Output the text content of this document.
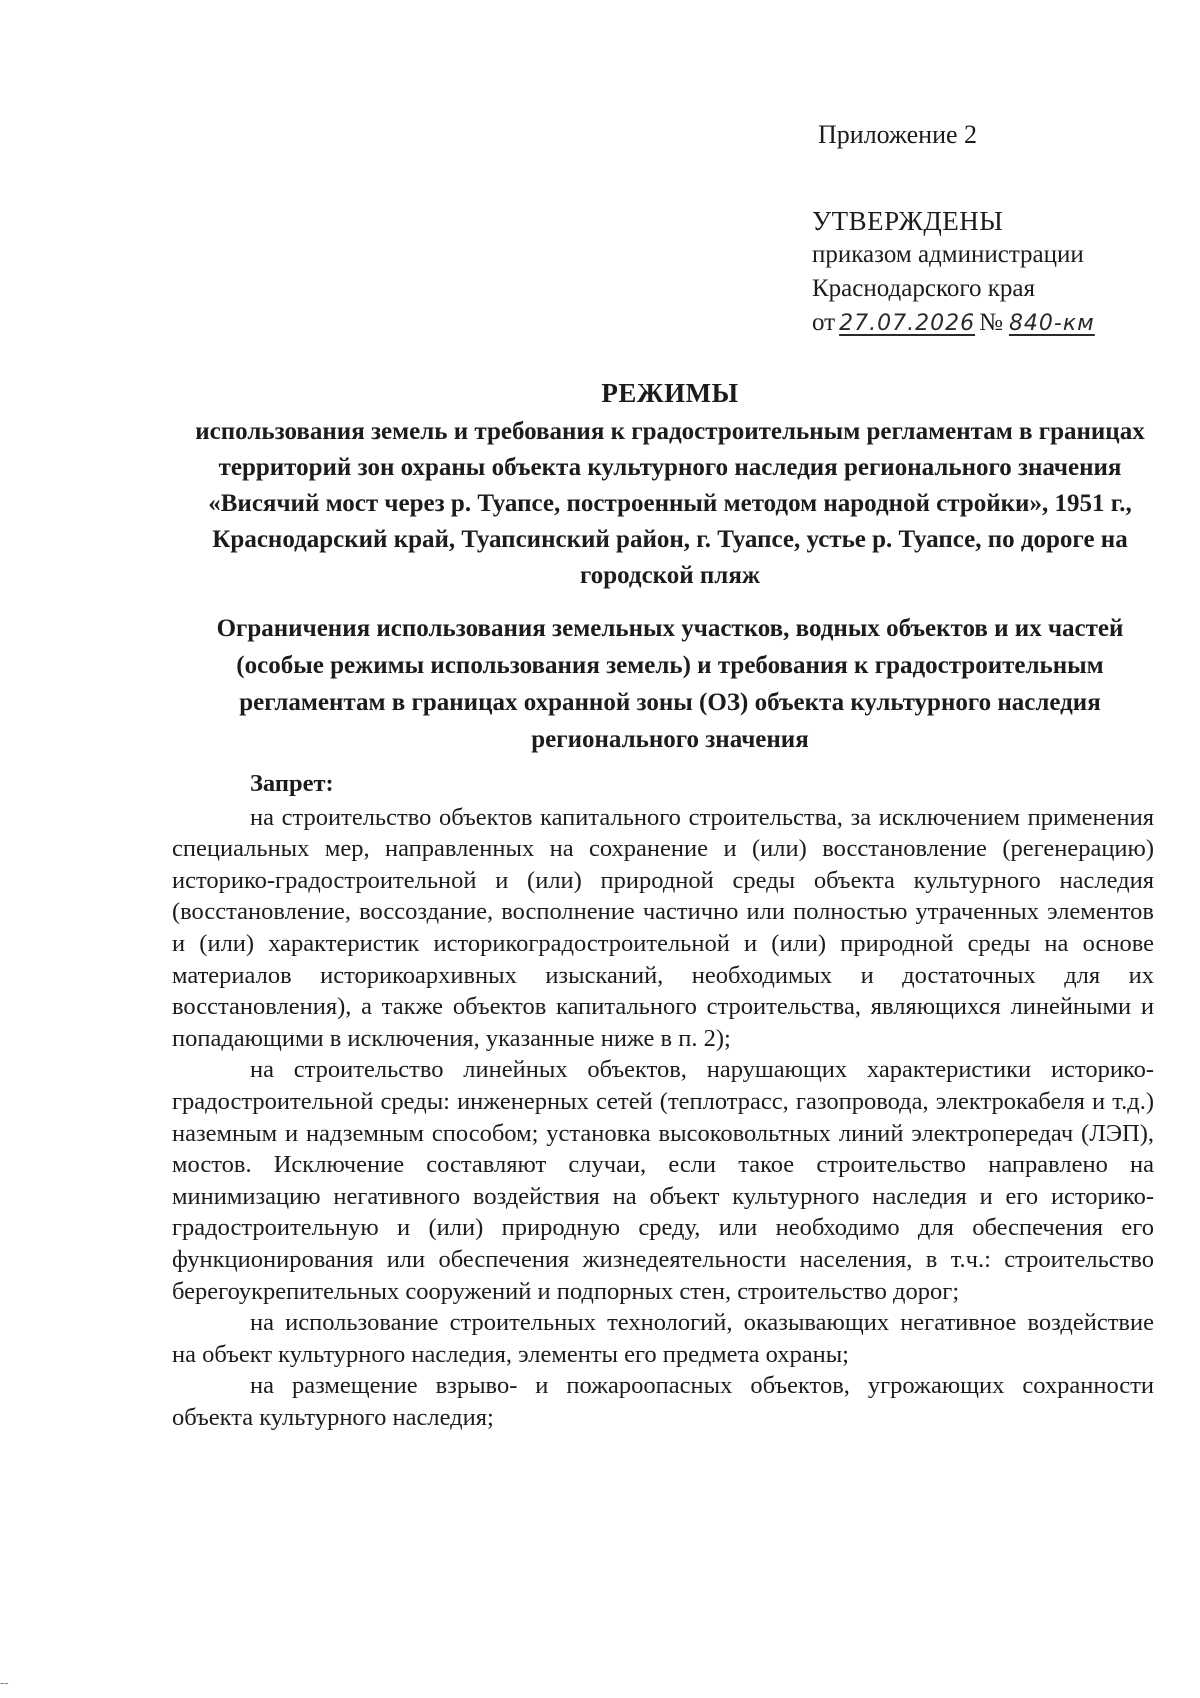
Приложение 2
УТВЕРЖДЕНЫ
приказом администрации
Краснодарского края
от 27.07.2026 № 840-км
РЕЖИМЫ
использования земель и требования к градостроительным регламентам в границах территорий зон охраны объекта культурного наследия регионального значения «Висячий мост через р. Туапсе, построенный методом народной стройки», 1951 г., Краснодарский край, Туапсинский район, г. Туапсе, устье р. Туапсе, по дороге на городской пляж
Ограничения использования земельных участков, водных объектов и их частей (особые режимы использования земель) и требования к градостроительным регламентам в границах охранной зоны (ОЗ) объекта культурного наследия регионального значения
Запрет:

на строительство объектов капитального строительства, за исключением применения специальных мер, направленных на сохранение и (или) восстановление (регенерацию) историко-градостроительной и (или) природной среды объекта культурного наследия (восстановление, воссоздание, восполнение частично или полностью утраченных элементов и (или) характеристик историкоградостроительной и (или) природной среды на основе материалов историкоархивных изысканий, необходимых и достаточных для их восстановления), а также объектов капитального строительства, являющихся линейными и попадающими в исключения, указанные ниже в п. 2);

на строительство линейных объектов, нарушающих характеристики историко-градостроительной среды: инженерных сетей (теплотрасс, газопровода, электрокабеля и т.д.) наземным и надземным способом; установка высоковольтных линий электропередач (ЛЭП), мостов. Исключение составляют случаи, если такое строительство направлено на минимизацию негативного воздействия на объект культурного наследия и его историко-градостроительную и (или) природную среду, или необходимо для обеспечения его функционирования или обеспечения жизнедеятельности населения, в т.ч.: строительство берегоукрепительных сооружений и подпорных стен, строительство дорог;

на использование строительных технологий, оказывающих негативное воздействие на объект культурного наследия, элементы его предмета охраны;

на размещение взрыво- и пожароопасных объектов, угрожающих сохранности объекта культурного наследия;

--
